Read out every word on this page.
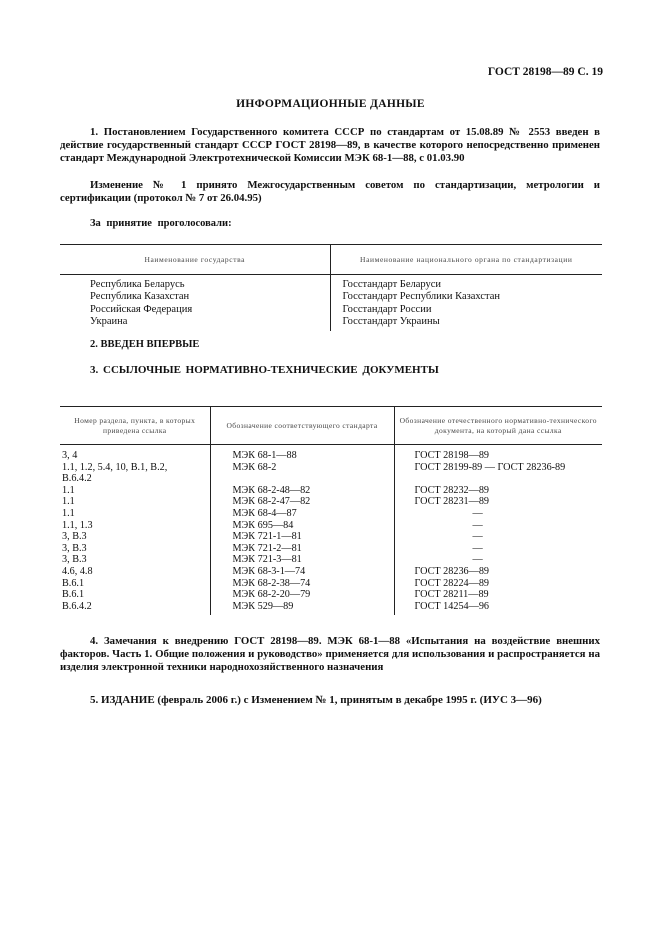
ГОСТ 28198—89 С. 19
ИНФОРМАЦИОННЫЕ ДАННЫЕ
1. Постановлением Государственного комитета СССР по стандартам от 15.08.89 № 2553 введен в действие государственный стандарт СССР ГОСТ 28198—89, в качестве которого непосредственно применен стандарт Международной Электротехнической Комиссии МЭК 68-1—88, с 01.03.90
Изменение № 1 принято Межгосударственным советом по стандартизации, метрологии и сертификации (протокол № 7 от 26.04.95)
За принятие проголосовали:
Наименование государства	Наименование национального органа по стандартизации
Республика Беларусь	Госстандарт Беларуси
Республика Казахстан	Госстандарт Республики Казахстан
Российская Федерация	Госстандарт России
Украина	Госстандарт Украины
2. ВВЕДЕН ВПЕРВЫЕ
3. ССЫЛОЧНЫЕ НОРМАТИВНО-ТЕХНИЧЕСКИЕ ДОКУМЕНТЫ
Номер раздела, пункта, в которых приведена ссылка	Обозначение соответствующего стандарта	Обозначение отечественного нормативно-технического документа, на который дана ссылка
3, 4	МЭК 68-1—88	ГОСТ 28198—89
1.1, 1.2, 5.4, 10, В.1, В.2,	МЭК 68-2	ГОСТ 28199-89 — ГОСТ 28236-89
В.6.4.2		
1.1	МЭК 68-2-48—82	ГОСТ 28232—89
1.1	МЭК 68-2-47—82	ГОСТ 28231—89
1.1	МЭК 68-4—87	—
1.1, 1.3	МЭК 695—84	—
3, В.3	МЭК 721-1—81	—
3, В.3	МЭК 721-2—81	—
3, В.3	МЭК 721-3—81	—
4.6, 4.8	МЭК 68-3-1—74	ГОСТ 28236—89
В.6.1	МЭК 68-2-38—74	ГОСТ 28224—89
В.6.1	МЭК 68-2-20—79	ГОСТ 28211—89
В.6.4.2	МЭК 529—89	ГОСТ 14254—96
4. Замечания к внедрению ГОСТ 28198—89. МЭК 68-1—88 «Испытания на воздействие внешних факторов. Часть 1. Общие положения и руководство» применяется для использования и распространяется на изделия электронной техники народнохозяйственного назначения
5. ИЗДАНИЕ (февраль 2006 г.) с Изменением № 1, принятым в декабре 1995 г. (ИУС 3—96)
